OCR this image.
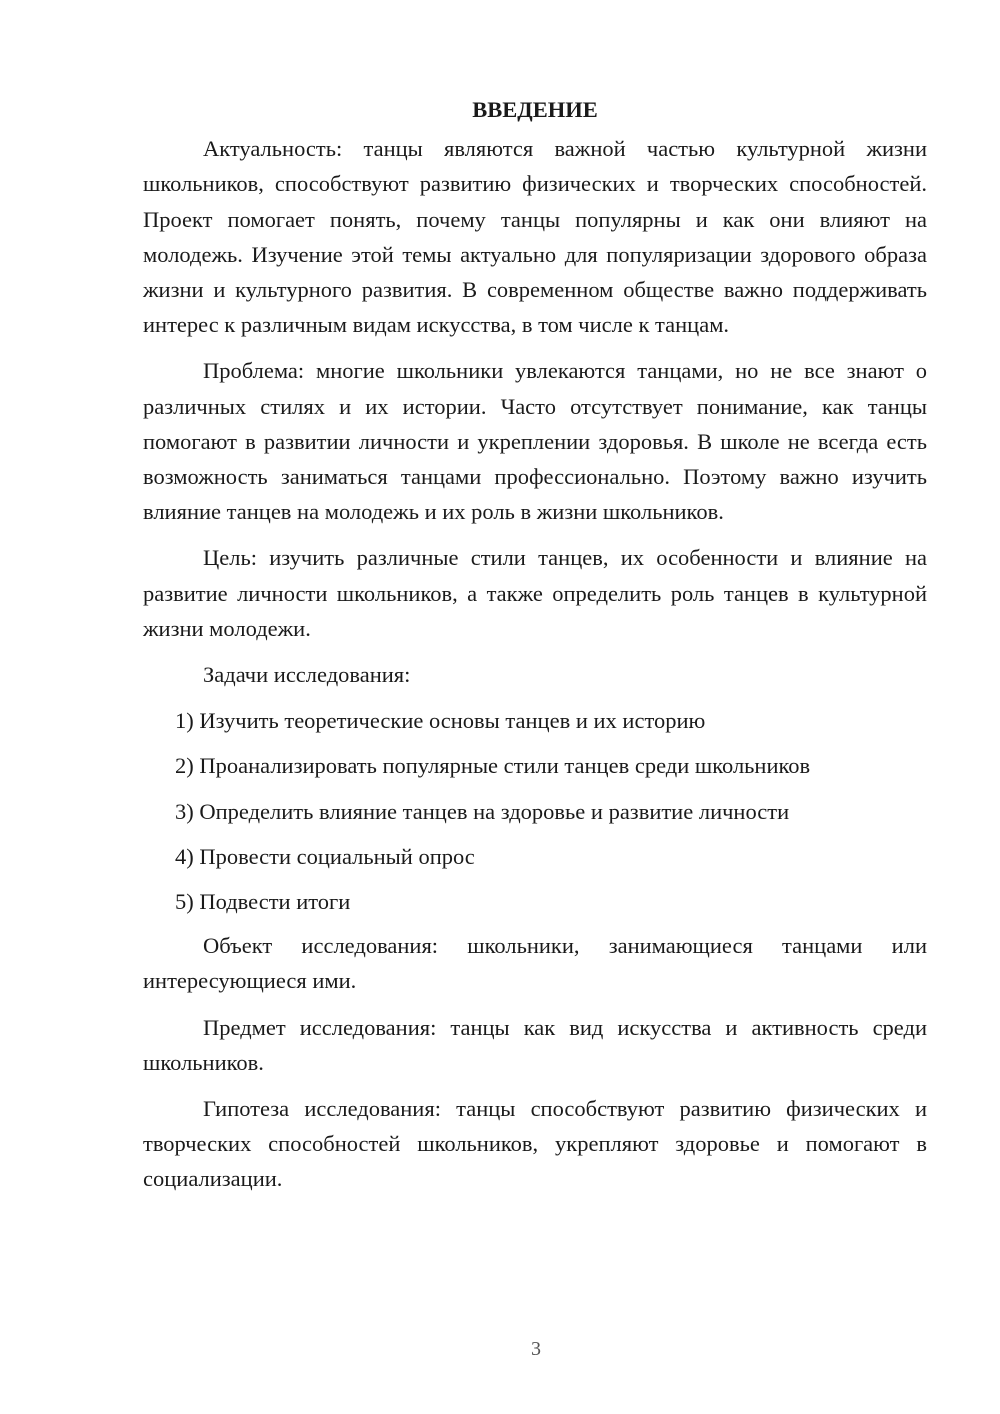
ВВЕДЕНИЕ

Актуальность: танцы являются важной частью культурной жизни школьников, способствуют развитию физических и творческих способностей. Проект помогает понять, почему танцы популярны и как они влияют на молодежь. Изучение этой темы актуально для популяризации здорового образа жизни и культурного развития. В современном обществе важно поддерживать интерес к различным видам искусства, в том числе к танцам.

Проблема: многие школьники увлекаются танцами, но не все знают о различных стилях и их истории. Часто отсутствует понимание, как танцы помогают в развитии личности и укреплении здоровья. В школе не всегда есть возможность заниматься танцами профессионально. Поэтому важно изучить влияние танцев на молодежь и их роль в жизни школьников.

Цель: изучить различные стили танцев, их особенности и влияние на развитие личности школьников, а также определить роль танцев в культурной жизни молодежи.

Задачи исследования:
1) Изучить теоретические основы танцев и их историю
2) Проанализировать популярные стили танцев среди школьников
3) Определить влияние танцев на здоровье и развитие личности
4) Провести социальный опрос
5) Подвести итоги

Объект исследования: школьники, занимающиеся танцами или интересующиеся ими.

Предмет исследования: танцы как вид искусства и активность среди школьников.

Гипотеза исследования: танцы способствуют развитию физических и творческих способностей школьников, укрепляют здоровье и помогают в социализации.

3
